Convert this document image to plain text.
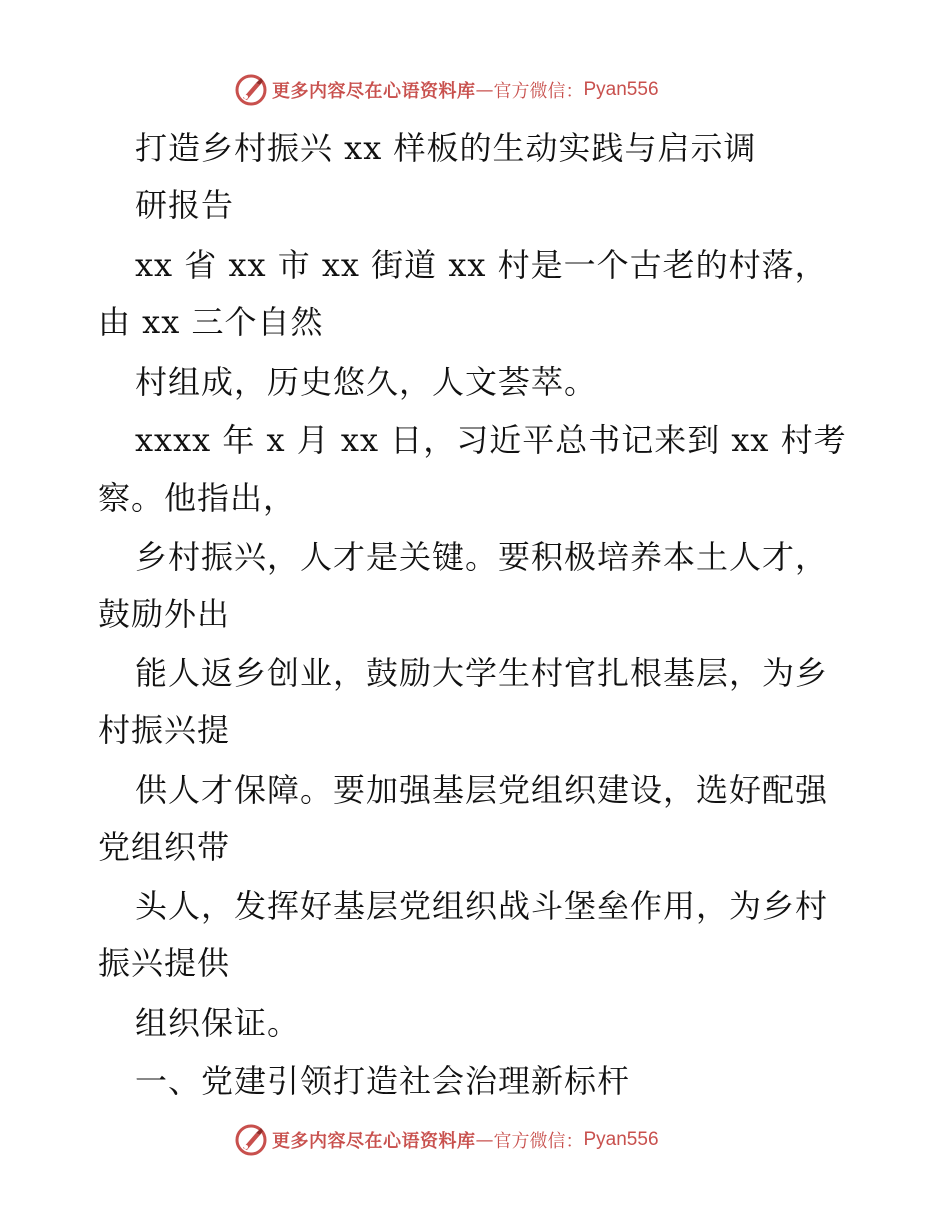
更多内容尽在心语资料库 — 官方微信： Pyan556
打造乡村振兴 xx 样板的生动实践与启示调
研报告
xx 省 xx 市 xx 街道 xx 村是一个古老的村落，
由 xx 三个自然
村组成，历史悠久，人文荟萃。
xxxx 年 x 月 xx 日，习近平总书记来到 xx 村考
察。他指出，
乡村振兴，人才是关键。要积极培养本土人才，
鼓励外出
能人返乡创业，鼓励大学生村官扎根基层，为乡
村振兴提
供人才保障。要加强基层党组织建设，选好配强
党组织带
头人，发挥好基层党组织战斗堡垒作用，为乡村
振兴提供
组织保证。
一、党建引领打造社会治理新标杆
更多内容尽在心语资料库 — 官方微信： Pyan556
